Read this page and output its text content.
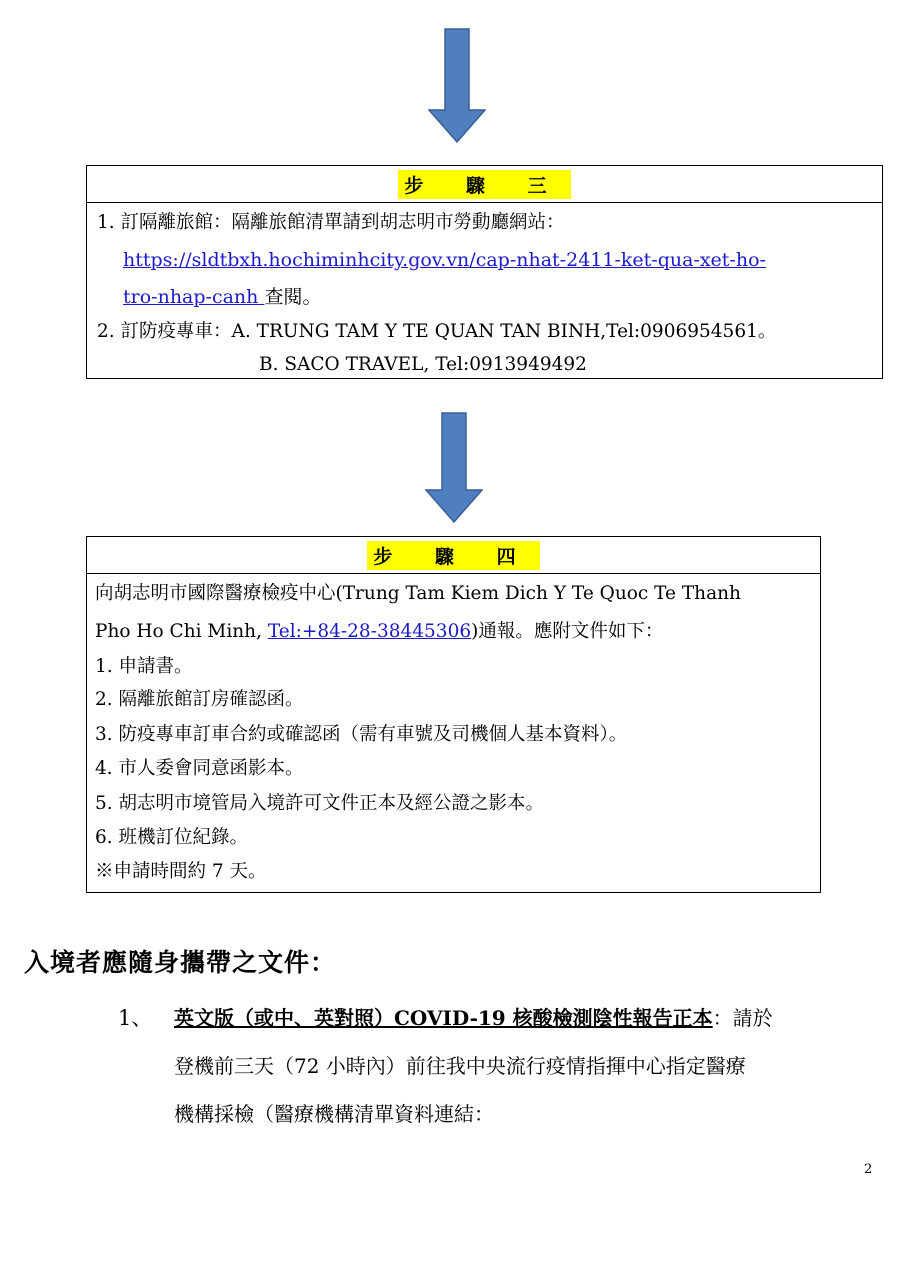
步 驟 三
1. 訂隔離旅館：隔離旅館清單請到胡志明市勞動廳網站：
https://sldtbxh.hochiminhcity.gov.vn/cap-nhat-2411-ket-qua-xet-ho-
tro-nhap-canh 查閱。
2. 訂防疫專車：A. TRUNG TAM Y TE QUAN TAN BINH,Tel:0906954561。
B. SACO TRAVEL, Tel:0913949492
步 驟 四
向胡志明市國際醫療檢疫中心(Trung Tam Kiem Dich Y Te Quoc Te Thanh
Pho Ho Chi Minh, Tel:+84-28-38445306)通報。應附文件如下：
1. 申請書。
2. 隔離旅館訂房確認函。
3. 防疫專車訂車合約或確認函（需有車號及司機個人基本資料）。
4. 市人委會同意函影本。
5. 胡志明市境管局入境許可文件正本及經公證之影本。
6. 班機訂位紀錄。
※申請時間約 7 天。
入境者應隨身攜帶之文件：
1、 英文版（或中、英對照）COVID-19 核酸檢測陰性報告正本：請於
登機前三天（72 小時內）前往我中央流行疫情指揮中心指定醫療
機構採檢（醫療機構清單資料連結：
2
